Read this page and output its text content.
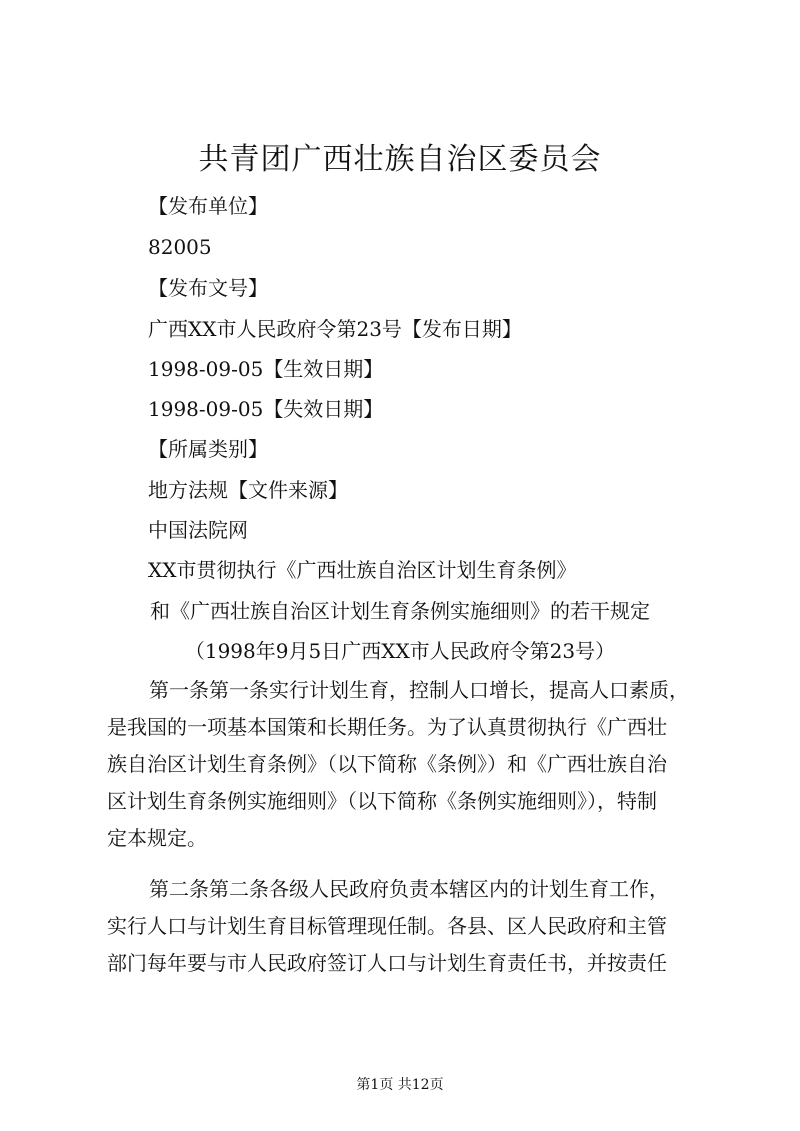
共青团广西壮族自治区委员会
【发布单位】
82005
【发布文号】
广西XX市人民政府令第23号【发布日期】
1998-09-05【生效日期】
1998-09-05【失效日期】
【所属类别】
地方法规【文件来源】
中国法院网
XX市贯彻执行《广西壮族自治区计划生育条例》
和《广西壮族自治区计划生育条例实施细则》的若干规定
（1998年9月5日广西XX市人民政府令第23号）
第一条第一条实行计划生育，控制人口增长，提高人口素质，
是我国的一项基本国策和长期任务。为了认真贯彻执行《广西壮
族自治区计划生育条例》（以下简称《条例》）和《广西壮族自治
区计划生育条例实施细则》（以下简称《条例实施细则》），特制
定本规定。
第二条第二条各级人民政府负责本辖区内的计划生育工作，
实行人口与计划生育目标管理现任制。各县、区人民政府和主管
部门每年要与市人民政府签订人口与计划生育责任书，并按责任
第1页 共12页
